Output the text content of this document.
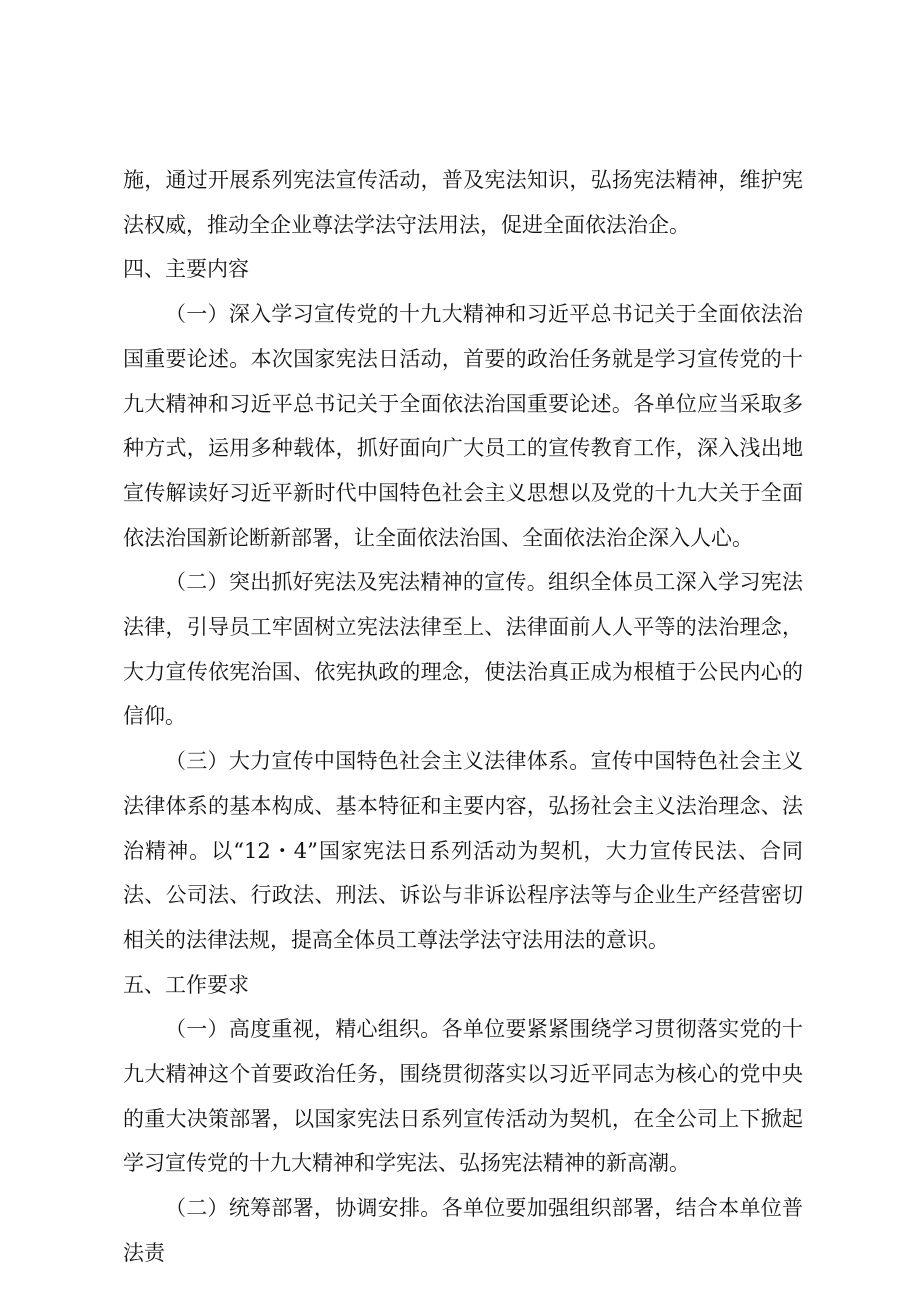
施，通过开展系列宪法宣传活动，普及宪法知识，弘扬宪法精神，维护宪法权威，推动全企业尊法学法守法用法，促进全面依法治企。

四、主要内容

（一）深入学习宣传党的十九大精神和习近平总书记关于全面依法治国重要论述。本次国家宪法日活动，首要的政治任务就是学习宣传党的十九大精神和习近平总书记关于全面依法治国重要论述。各单位应当采取多种方式，运用多种载体，抓好面向广大员工的宣传教育工作，深入浅出地宣传解读好习近平新时代中国特色社会主义思想以及党的十九大关于全面依法治国新论断新部署，让全面依法治国、全面依法治企深入人心。

（二）突出抓好宪法及宪法精神的宣传。组织全体员工深入学习宪法法律，引导员工牢固树立宪法法律至上、法律面前人人平等的法治理念，大力宣传依宪治国、依宪执政的理念，使法治真正成为根植于公民内心的信仰。

（三）大力宣传中国特色社会主义法律体系。宣传中国特色社会主义法律体系的基本构成、基本特征和主要内容，弘扬社会主义法治理念、法治精神。以“12・4”国家宪法日系列活动为契机，大力宣传民法、合同法、公司法、行政法、刑法、诉讼与非诉讼程序法等与企业生产经营密切相关的法律法规，提高全体员工尊法学法守法用法的意识。

五、工作要求

（一）高度重视，精心组织。各单位要紧紧围绕学习贯彻落实党的十九大精神这个首要政治任务，围绕贯彻落实以习近平同志为核心的党中央的重大决策部署，以国家宪法日系列宣传活动为契机，在全公司上下掀起学习宣传党的十九大精神和学宪法、弘扬宪法精神的新高潮。

（二）统筹部署，协调安排。各单位要加强组织部署，结合本单位普法责
